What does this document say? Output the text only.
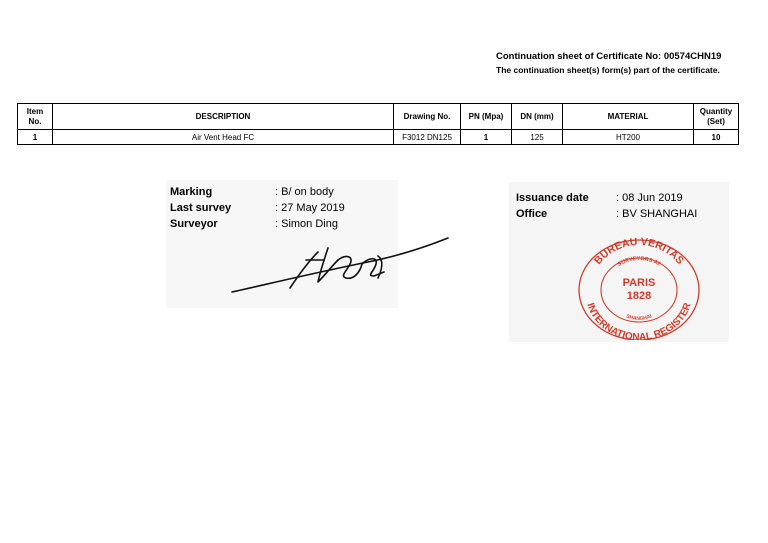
Continuation sheet of Certificate No: 00574CHN19
The continuation sheet(s) form(s) part of the certificate.
Item No.	DESCRIPTION	Drawing No.	PN (Mpa)	DN (mm)	MATERIAL	Quantity (Set)
1	Air Vent Head FC	F3012 DN125	1	125	HT200	10
Marking	: B/ on body
Last survey	: 27 May 2019
Surveyor	: Simon Ding
Issuance date : 08 Jun 2019
Office	: BV SHANGHAI
BUREAU VERITAS
INTERNATIONAL REGISTER
SURVEYORS AT
SHANGHAI
PARIS
1828
